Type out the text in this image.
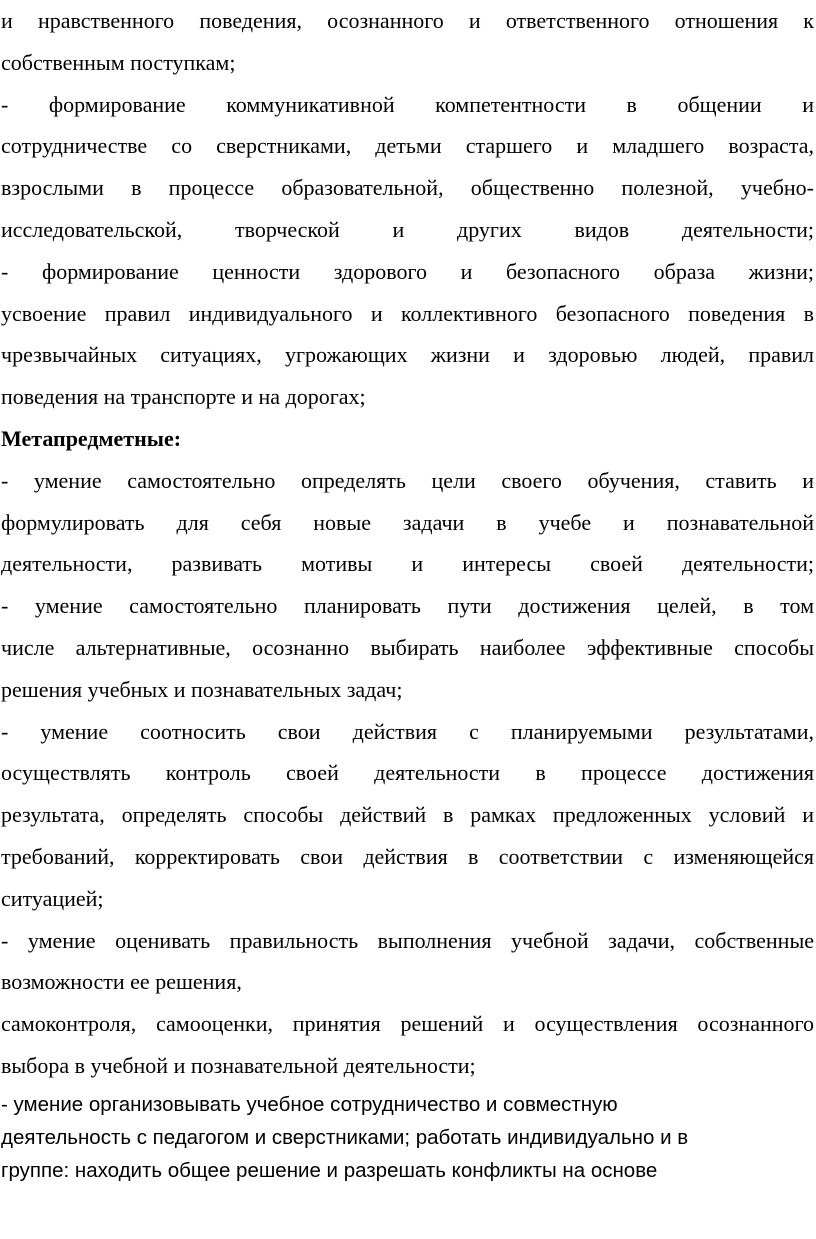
и нравственного поведения, осознанного и ответственного отношения к
собственным поступкам;
- формирование коммуникативной компетентности в общении и
сотрудничестве со сверстниками, детьми старшего и младшего возраста,
взрослыми в процессе образовательной, общественно полезной, учебно-
исследовательской, творческой и других видов деятельности;
- формирование ценности здорового и безопасного образа жизни;
усвоение правил индивидуального и коллективного безопасного поведения в
чрезвычайных ситуациях, угрожающих жизни и здоровью людей, правил
поведения на транспорте и на дорогах;
Метапредметные:
- умение самостоятельно определять цели своего обучения, ставить и
формулировать для себя новые задачи в учебе и познавательной
деятельности, развивать мотивы и интересы своей деятельности;
- умение самостоятельно планировать пути достижения целей, в том
числе альтернативные, осознанно выбирать наиболее эффективные способы
решения учебных и познавательных задач;
- умение соотносить свои действия с планируемыми результатами,
осуществлять контроль своей деятельности в процессе достижения
результата, определять способы действий в рамках предложенных условий и
требований, корректировать свои действия в соответствии с изменяющейся
ситуацией;
- умение оценивать правильность выполнения учебной задачи, собственные
возможности ее решения,
самоконтроля, самооценки, принятия решений и осуществления осознанного
выбора в учебной и познавательной деятельности;
- умение организовывать учебное сотрудничество и совместную
деятельность с педагогом и сверстниками; работать индивидуально и в
группе: находить общее решение и разрешать конфликты на основе
